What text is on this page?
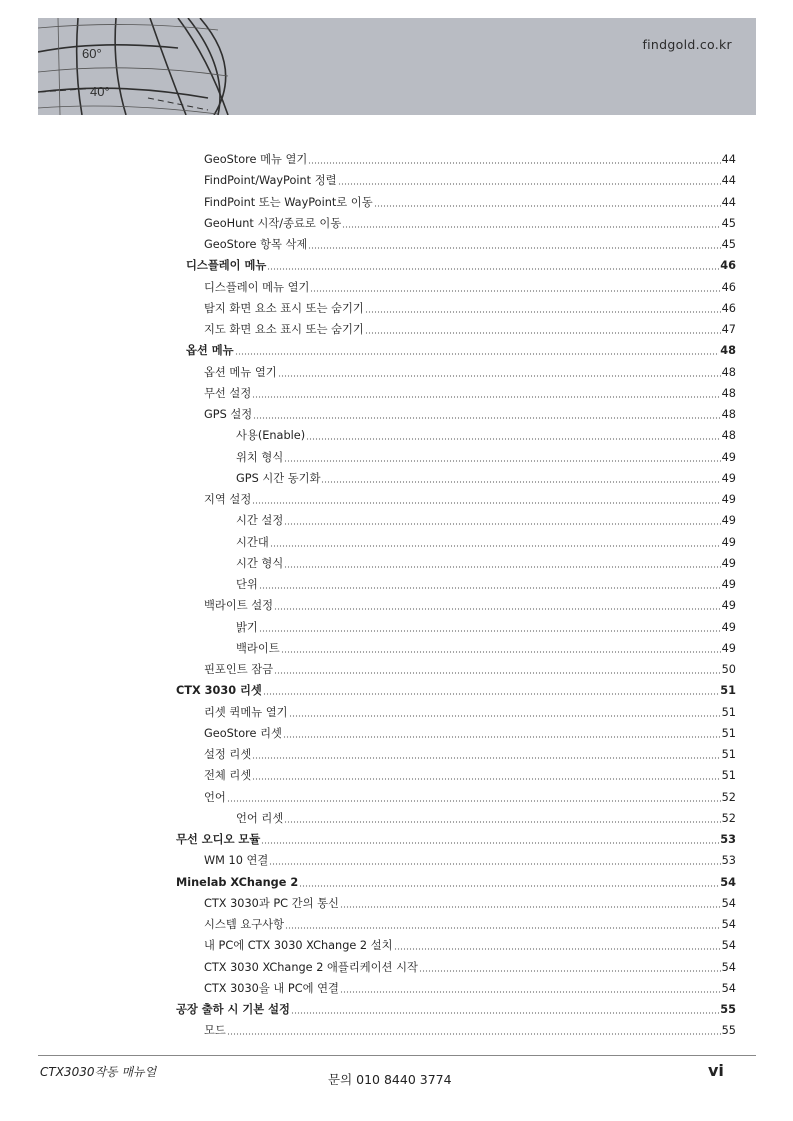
60°
40°
findgold.co.kr
GeoStore 메뉴 열기	44
FindPoint/WayPoint 정렬	44
FindPoint 또는 WayPoint로 이동	44
GeoHunt 시작/종료로 이동	45
GeoStore 항목 삭제	45
디스플레이 메뉴	46
디스플레이 메뉴 열기	46
탐지 화면 요소 표시 또는 숨기기	46
지도 화면 요소 표시 또는 숨기기	47
옵션 메뉴	48
옵션 메뉴 열기	48
무선 설정	48
GPS 설정	48
사용(Enable)	48
위치 형식	49
GPS 시간 동기화	49
지역 설정	49
시간 설정	49
시간대	49
시간 형식	49
단위	49
백라이트 설정	49
밝기	49
백라이트	49
핀포인트 잠금	50
CTX 3030 리셋	51
리셋 퀵메뉴 열기	51
GeoStore 리셋	51
설정 리셋	51
전체 리셋	51
언어	52
언어 리셋	52
무선 오디오 모듈	53
WM 10 연결	53
Minelab XChange 2	54
CTX 3030과 PC 간의 통신	54
시스템 요구사항	54
내 PC에 CTX 3030 XChange 2 설치	54
CTX 3030 XChange 2 애플리케이션 시작	54
CTX 3030을 내 PC에 연결	54
공장 출하 시 기본 설정	55
모드	55
CTX3030작동 매뉴얼	문의 010 8440 3774	vi
